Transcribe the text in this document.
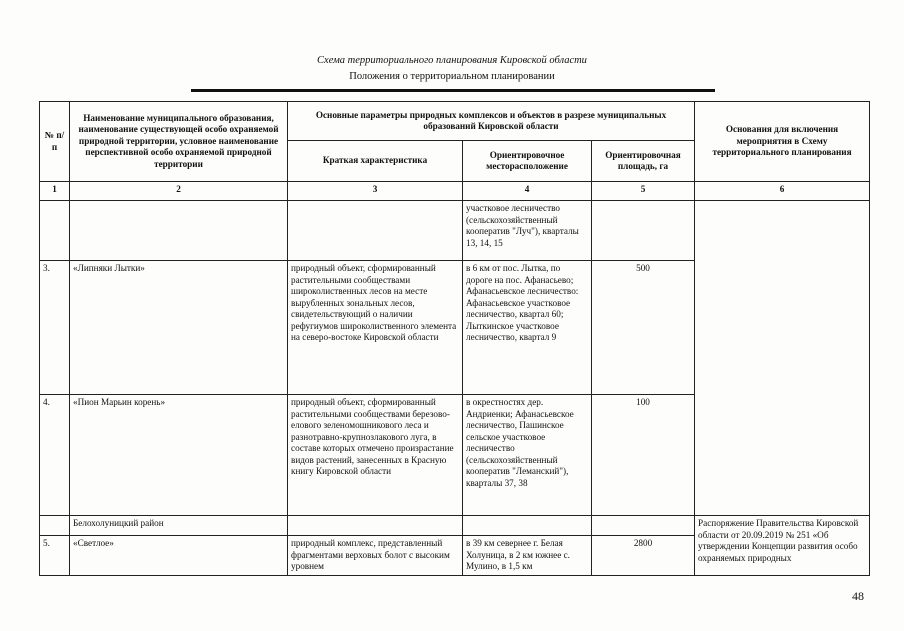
Схема территориального планирования Кировской области
Положения о территориальном планировании
№ п/п	Наименование муниципального образования, наименование существующей особо охраняемой природной территории, условное наименование перспективной особо охраняемой природной территории	Основные параметры природных комплексов и объектов в разрезе муниципальных образований Кировской области			Основания для включения мероприятия в Схему территориального планирования
		Краткая характеристика	Ориентировочное месторасположение	Ориентировочная площадь, га	
1	2	3	4	5	6
			участковое лесничество (сельскохозяйственный кооператив "Луч"), кварталы 13, 14, 15		
3.	«Липняки Лытки»	природный объект, сформированный растительными сообществами широколиственных лесов на месте вырубленных зональных лесов, свидетельствующий о наличии рефугиумов широколиственного элемента на северо-востоке Кировской области	в 6 км от пос. Лытка, по дороге на пос. Афанасьево; Афанасьевское лесничество: Афанасьевское участковое лесничество, квартал 60; Лыткинское участковое лесничество, квартал 9	500	
4.	«Пион Марьин корень»	природный объект, сформированный растительными сообществами березово-елового зеленомошникового леса и разнотравно-крупнозлакового луга, в составе которых отмечено произрастание видов растений, занесенных в Красную книгу Кировской области	в окрестностях дер. Андриенки; Афанасьевское лесничество, Пашинское сельское участковое лесничество (сельскохозяйственный кооператив "Леманский"), кварталы 37, 38	100	
	Белохолуницкий район				Распоряжение Правительства Кировской области от 20.09.2019 № 251 «Об утверждении Концепции развития особо охраняемых природных
5.	«Светлое»	природный комплекс, представленный фрагментами верховых болот с высоким уровнем	в 39 км севернее г. Белая Холуница, в 2 км южнее с. Мулино, в 1,5 км	2800	
48
